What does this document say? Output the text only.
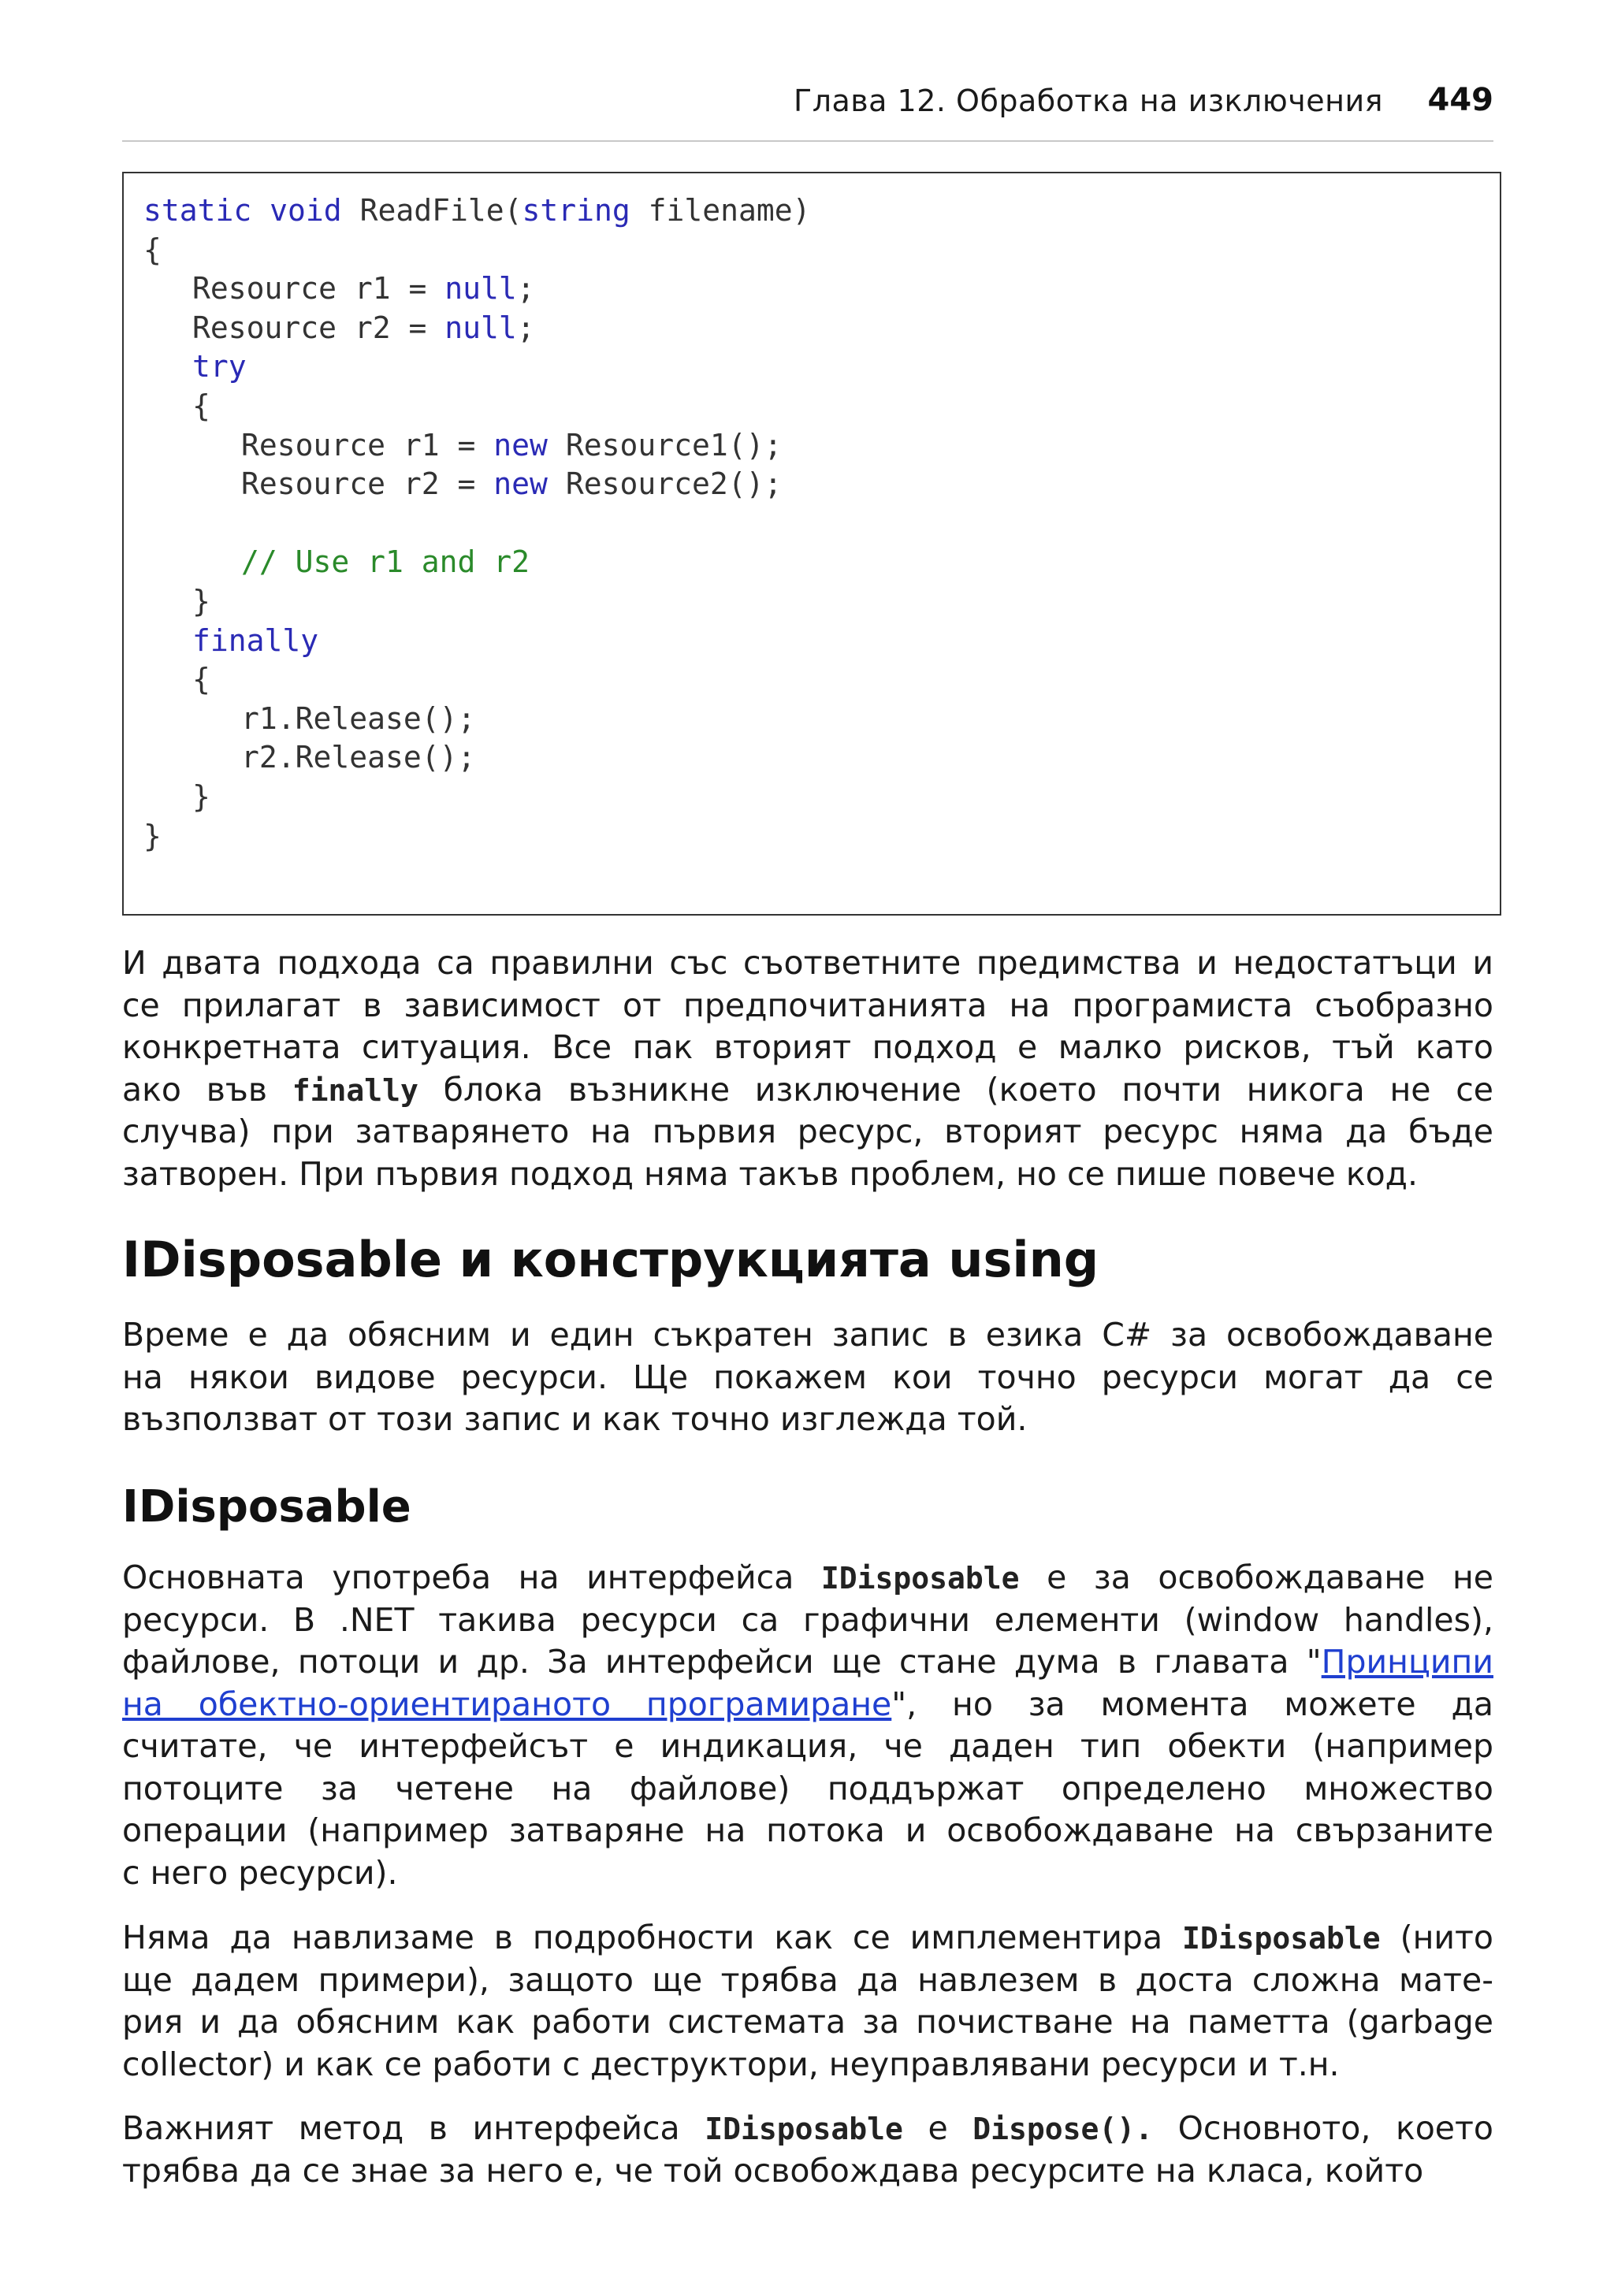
Глава 12. Обработка на изключения 449
static void ReadFile(string filename)
{
Resource r1 = null;
Resource r2 = null;
try
{
Resource r1 = new Resource1();
Resource r2 = new Resource2();
// Use r1 and r2
}
finally
{
r1.Release();
r2.Release();
}
}
И двата подхода са правилни със съответните предимства и недостатъци и
се прилагат в зависимост от предпочитанията на програмиста съобразно
конкретната ситуация. Все пак вторият подход е малко рисков, тъй като
ако във finally блока възникне изключение (което почти никога не се
случва) при затварянето на първия ресурс, вторият ресурс няма да бъде
затворен. При първия подход няма такъв проблем, но се пише повече код.
IDisposable и конструкцията using
Време е да обясним и един съкратен запис в езика C# за освобождаване
на някои видове ресурси. Ще покажем кои точно ресурси могат да се
възползват от този запис и как точно изглежда той.
IDisposable
Основната употреба на интерфейса IDisposable е за освобождаване не
ресурси. В .NET такива ресурси са графични елементи (window handles),
файлове, потоци и др. За интерфейси ще стане дума в главата "Принципи
на обектно-ориентираното програмиране", но за момента можете да
считате, че интерфейсът е индикация, че даден тип обекти (например
потоците за четене на файлове) поддържат определено множество
операции (например затваряне на потока и освобождаване на свързаните
с него ресурси).
Няма да навлизаме в подробности как се имплементира IDisposable (нито
ще дадем примери), защото ще трябва да навлезем в доста сложна мате-
рия и да обясним как работи системата за почистване на паметта (garbage
collector) и как се работи с деструктори, неуправлявани ресурси и т.н.
Важният метод в интерфейса IDisposable е Dispose(). Основното, което
трябва да се знае за него е, че той освобождава ресурсите на класа, който
